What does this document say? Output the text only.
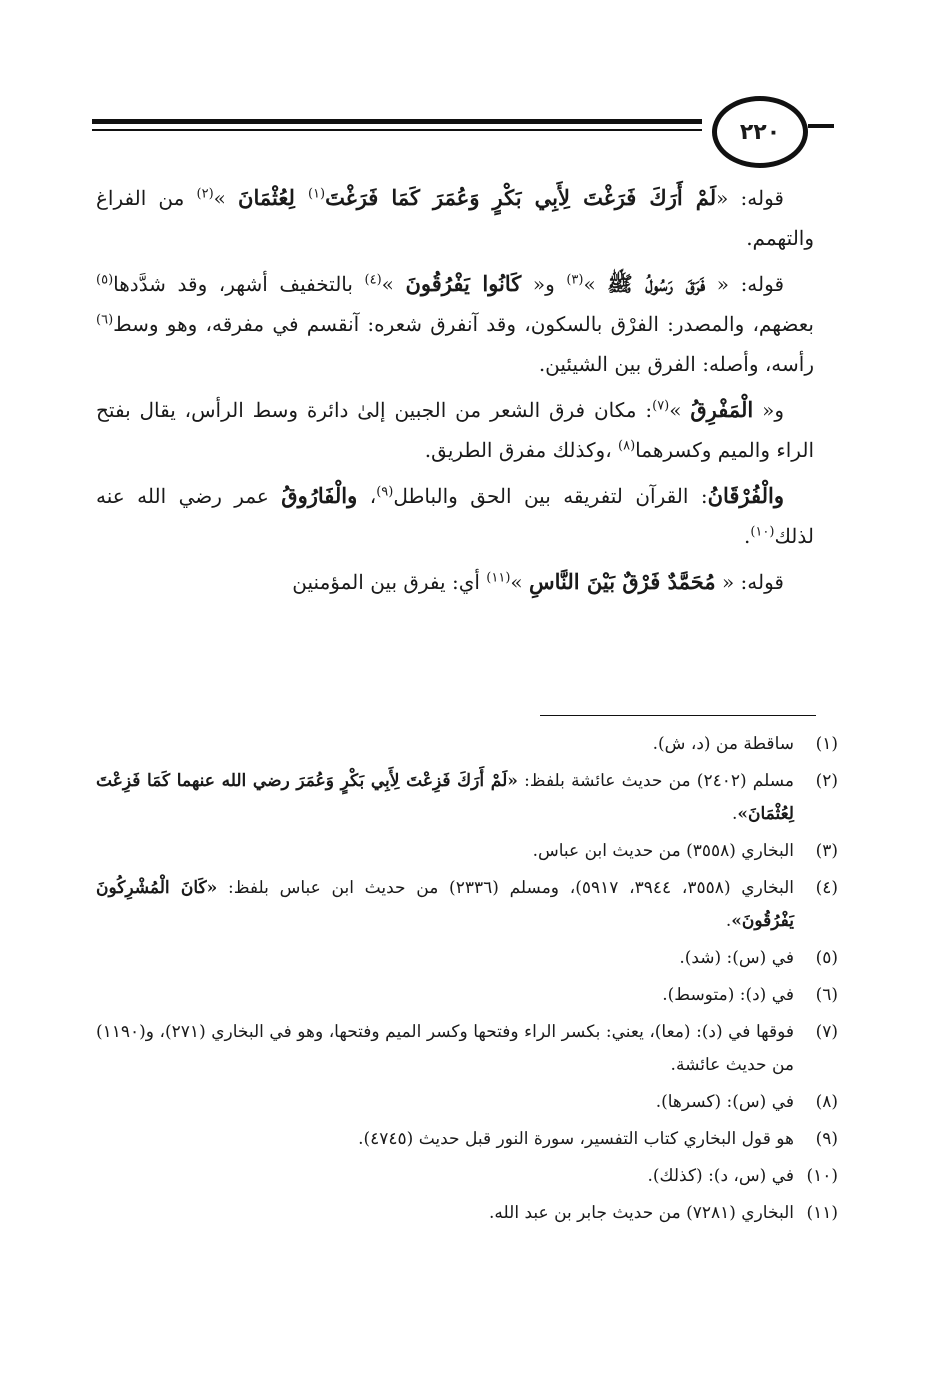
٢٢٠

قوله: «لَمْ أَرَكَ فَرَغْتَ لِأَبِي بَكْرٍ وَعُمَرَ كَمَا فَرَغْتَ$^{(١)}$ لِعُثْمَانَ »$^{(٢)}$ من الفراغ والتهمم.

قوله: « فَرَقَ رَسُولُ ﷺ »$^{(٣)}$ و« كَانُوا يَفْرُقُونَ »$^{(٤)}$ بالتخفيف أشهر، وقد شدَّدها$^{(٥)}$ بعضهم، والمصدر: الفرْق بالسكون، وقد آنفرق شعره: آنقسم في مفرقه، وهو وسط$^{(٦)}$ رأسه، وأصله: الفرق بين الشيئين.

و« الْمَفْرِقُ »$^{(٧)}$: مكان فرق الشعر من الجبين إلىٰ دائرة وسط الرأس، يقال بفتح الراء والميم وكسرهما$^{(٨)}$ ،وكذلك مفرق الطريق.

والْفُرْقَانُ: القرآن لتفريقه بين الحق والباطل$^{(٩)}$، والْفَارُوقُ عمر رضي الله عنه لذلك$^{(١٠)}$.

قوله: « مُحَمَّدٌ فَرْقٌ بَيْنَ النَّاسِ »$^{(١١)}$ أي: يفرق بين المؤمنين

(١)
ساقطة من (د، ش).
(٢)
مسلم (٢٤٠٢) من حديث عائشة بلفظ: «لَمْ أَرَكَ فَزِعْتَ لِأَبِي بَكْرٍ وَعُمَرَ رضي الله عنهما كَمَا فَزِعْتَ لِعُثْمَانَ».
(٣)
البخاري (٣٥٥٨) من حديث ابن عباس.
(٤)
البخاري (٣٥٥٨، ٣٩٤٤، ٥٩١٧)، ومسلم (٢٣٣٦) من حديث ابن عباس بلفظ: «كَانَ الْمُشْرِكُونَ يَفْرُقُونَ».
(٥)
في (س): (شد).
(٦)
في (د): (متوسط).
(٧)
فوقها في (د): (معا)، يعني: بكسر الراء وفتحها وكسر الميم وفتحها، وهو في البخاري (٢٧١)، و(١١٩٠) من حديث عائشة.
(٨)
في (س): (كسرها).
(٩)
هو قول البخاري كتاب التفسير، سورة النور قبل حديث (٤٧٤٥).
(١٠)
في (س، د): (كذلك).
(١١)
البخاري (٧٢٨١) من حديث جابر بن عبد الله.
